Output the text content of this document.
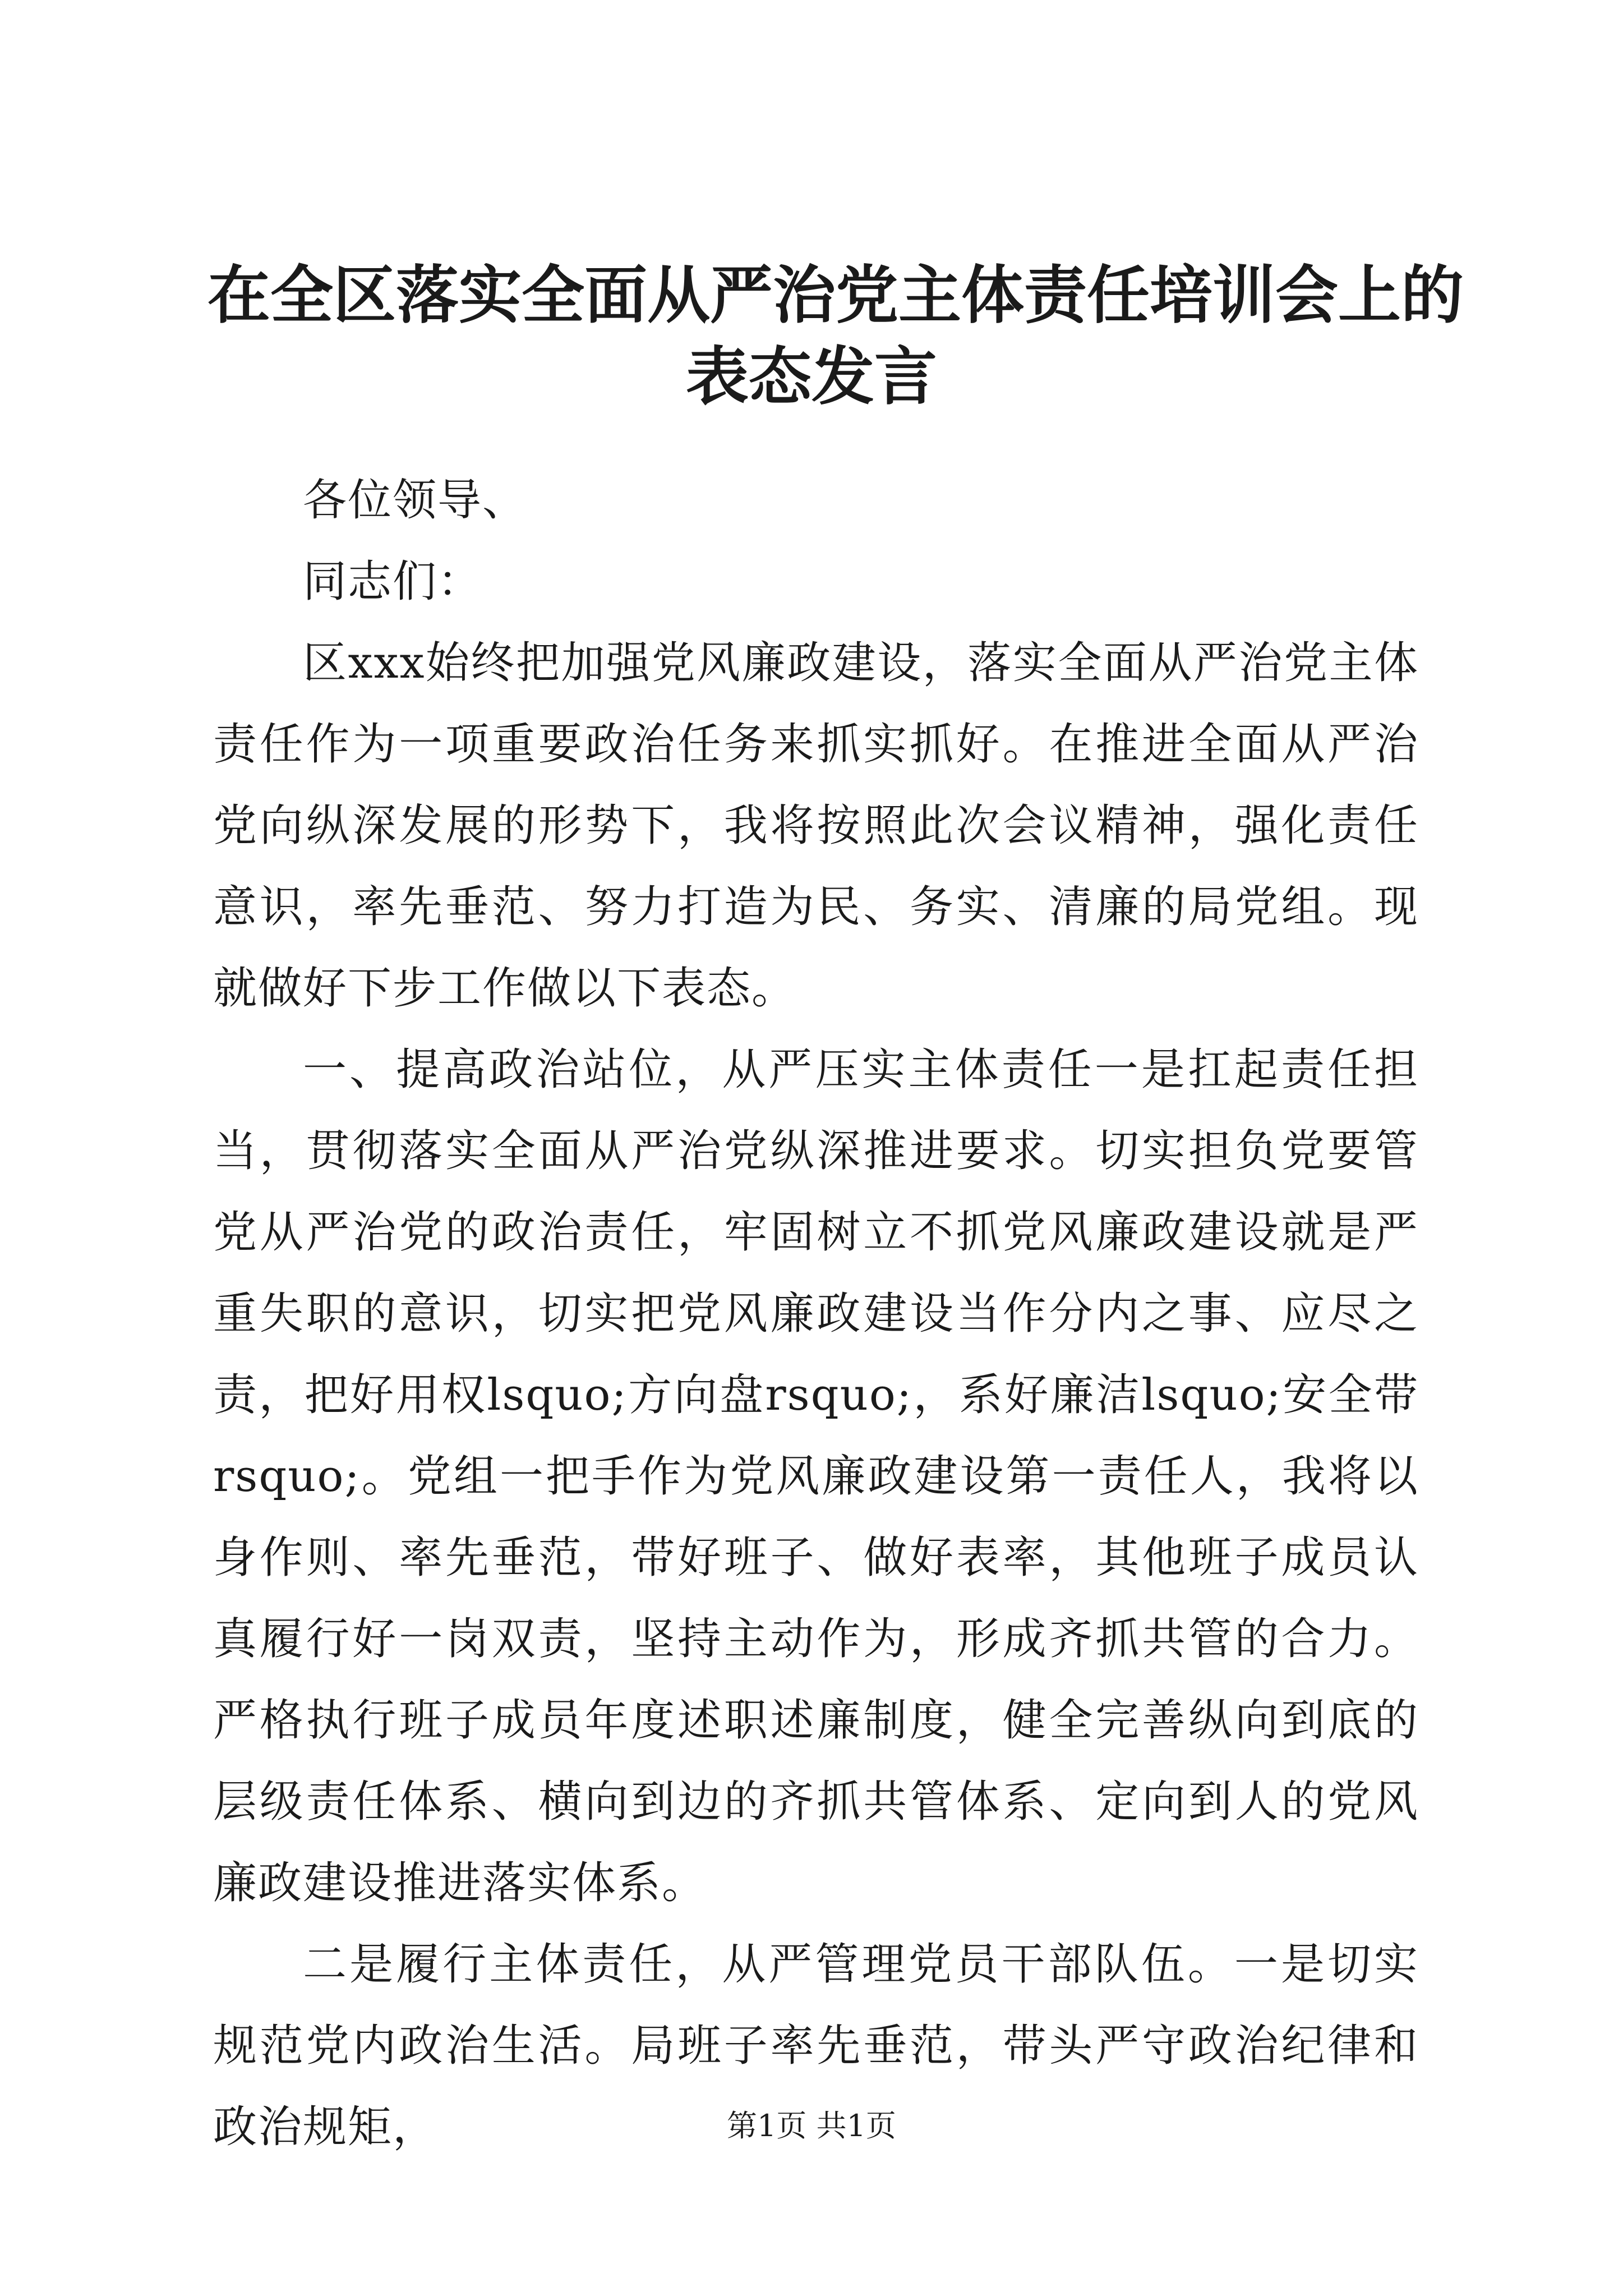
在全区落实全面从严治党主体责任培训会上的
表态发言

各位领导、

同志们：

区xxx始终把加强党风廉政建设，落实全面从严治党主体责任作为一项重要政治任务来抓实抓好。在推进全面从严治党向纵深发展的形势下，我将按照此次会议精神，强化责任意识，率先垂范、努力打造为民、务实、清廉的局党组。现就做好下步工作做以下表态。

一、提高政治站位，从严压实主体责任一是扛起责任担当，贯彻落实全面从严治党纵深推进要求。切实担负党要管党从严治党的政治责任，牢固树立不抓党风廉政建设就是严重失职的意识，切实把党风廉政建设当作分内之事、应尽之责，把好用权lsquo;方向盘rsquo;，系好廉洁lsquo;安全带rsquo;。党组一把手作为党风廉政建设第一责任人，我将以身作则、率先垂范，带好班子、做好表率，其他班子成员认真履行好一岗双责，坚持主动作为，形成齐抓共管的合力。严格执行班子成员年度述职述廉制度，健全完善纵向到底的层级责任体系、横向到边的齐抓共管体系、定向到人的党风廉政建设推进落实体系。

二是履行主体责任，从严管理党员干部队伍。一是切实规范党内政治生活。局班子率先垂范，带头严守政治纪律和政治规矩，	第1页 共1页
